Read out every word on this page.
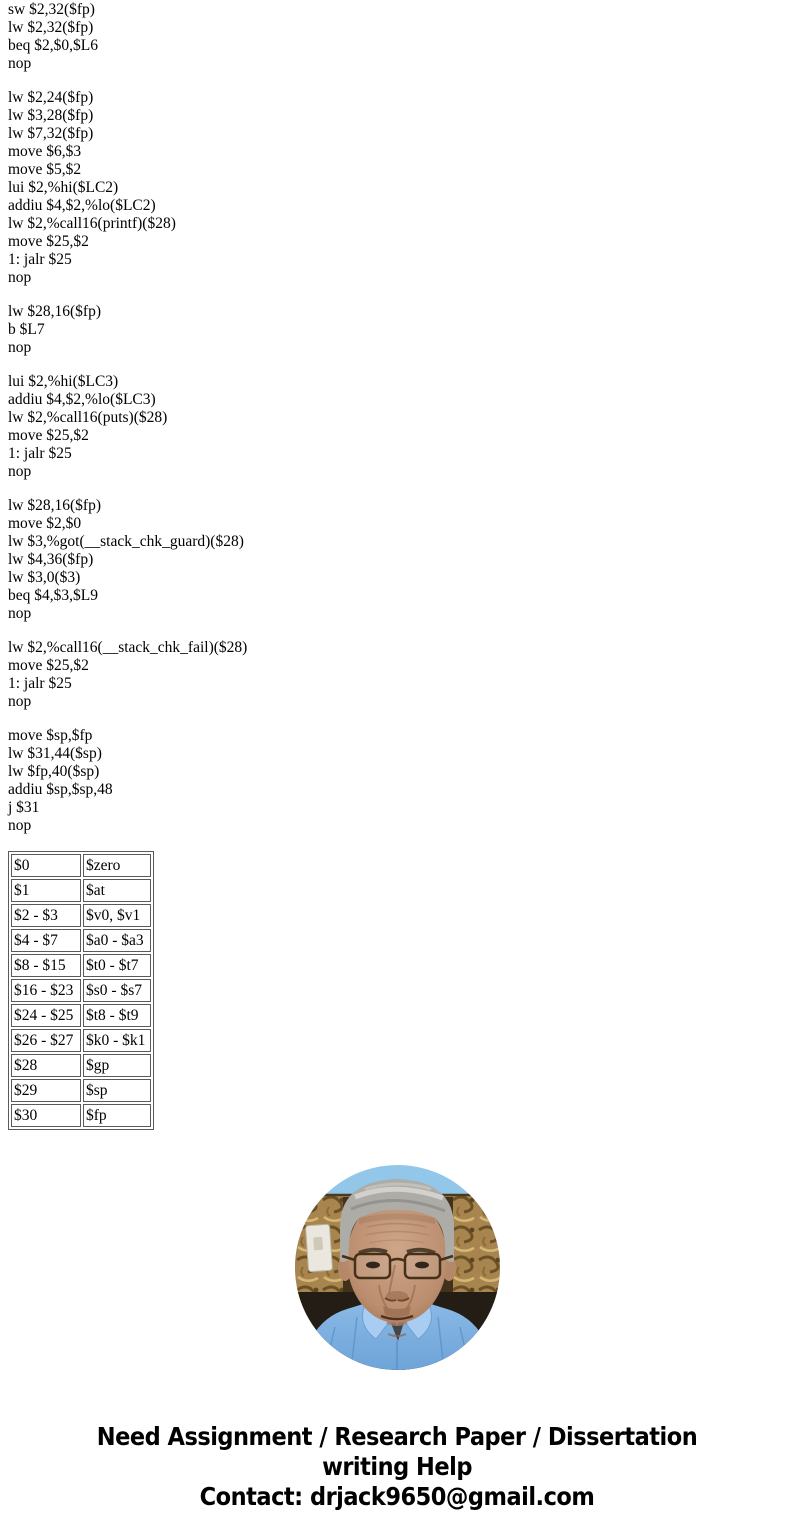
sw $2,32($fp)
lw $2,32($fp)
beq $2,$0,$L6
nop
lw $2,24($fp)
lw $3,28($fp)
lw $7,32($fp)
move $6,$3
move $5,$2
lui $2,%hi($LC2)
addiu $4,$2,%lo($LC2)
lw $2,%call16(printf)($28)
move $25,$2
1: jalr $25
nop
lw $28,16($fp)
b $L7
nop
lui $2,%hi($LC3)
addiu $4,$2,%lo($LC3)
lw $2,%call16(puts)($28)
move $25,$2
1: jalr $25
nop
lw $28,16($fp)
move $2,$0
lw $3,%got(__stack_chk_guard)($28)
lw $4,36($fp)
lw $3,0($3)
beq $4,$3,$L9
nop
lw $2,%call16(__stack_chk_fail)($28)
move $25,$2
1: jalr $25
nop
move $sp,$fp
lw $31,44($sp)
lw $fp,40($sp)
addiu $sp,$sp,48
j $31
nop
$0	$zero
$1	$at
$2 - $3	$v0, $v1
$4 - $7	$a0 - $a3
$8 - $15	$t0 - $t7
$16 - $23	$s0 - $s7
$24 - $25	$t8 - $t9
$26 - $27	$k0 - $k1
$28	$gp
$29	$sp
$30	$fp
Need Assignment / Research Paper / Dissertation
writing Help
Contact: drjack9650@gmail.com
